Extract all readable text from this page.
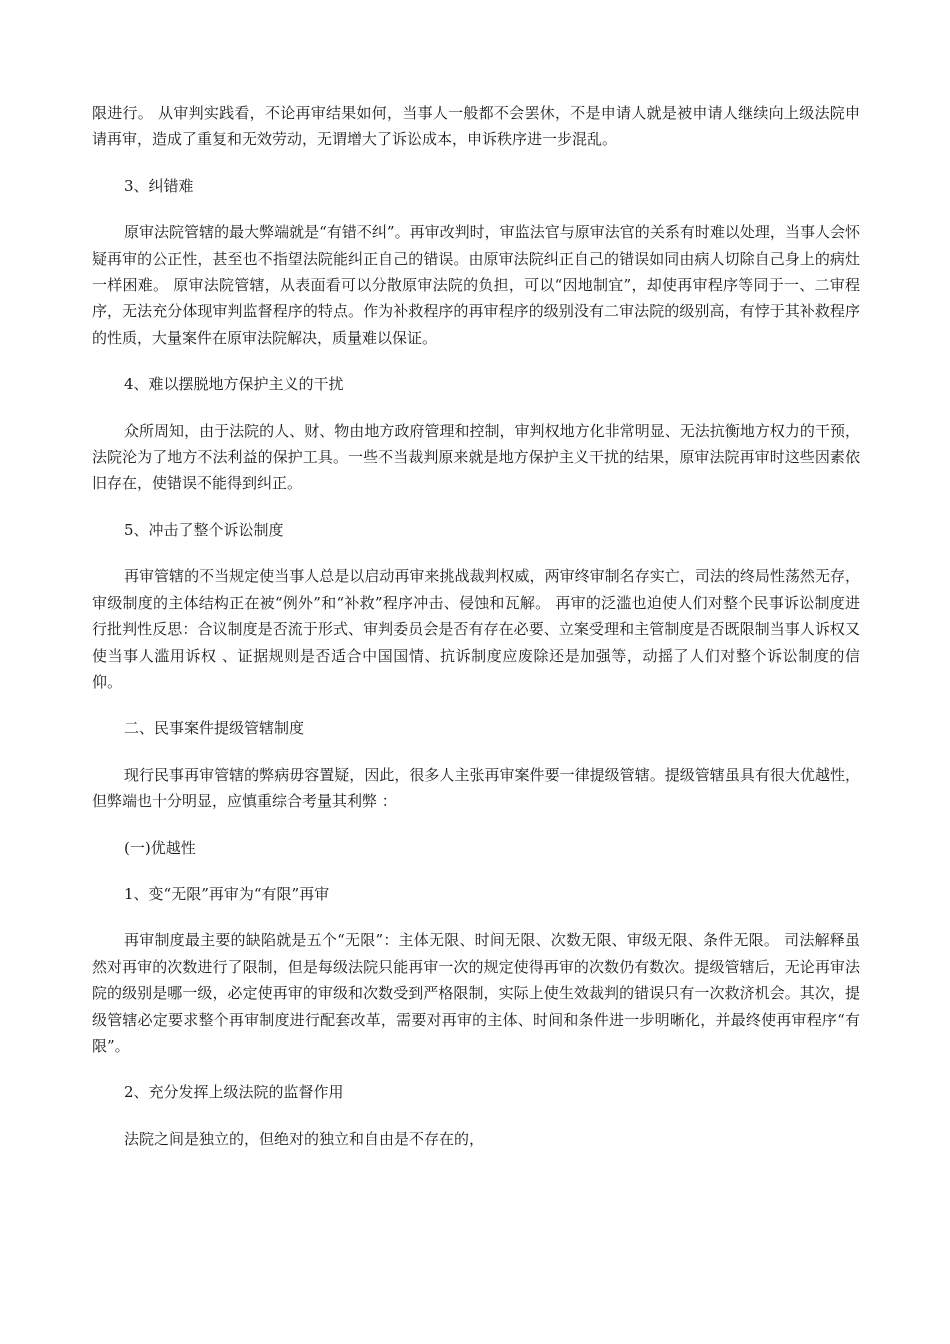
限进行。 从审判实践看，不论再审结果如何，当事人一般都不会罢休，不是申请人就是被申请人继续向上级法院申请再审，造成了重复和无效劳动，无谓增大了诉讼成本，申诉秩序进一步混乱。

3、纠错难

原审法院管辖的最大弊端就是“有错不纠”。再审改判时，审监法官与原审法官的关系有时难以处理，当事人会怀疑再审的公正性，甚至也不指望法院能纠正自己的错误。由原审法院纠正自己的错误如同由病人切除自己身上的病灶一样困难。 原审法院管辖，从表面看可以分散原审法院的负担，可以“因地制宜”，却使再审程序等同于一、二审程序，无法充分体现审判监督程序的特点。作为补救程序的再审程序的级别没有二审法院的级别高，有悖于其补救程序的性质，大量案件在原审法院解决，质量难以保证。

4、难以摆脱地方保护主义的干扰

众所周知，由于法院的人、财、物由地方政府管理和控制，审判权地方化非常明显、无法抗衡地方权力的干预，法院沦为了地方不法利益的保护工具。一些不当裁判原来就是地方保护主义干扰的结果，原审法院再审时这些因素依旧存在，使错误不能得到纠正。

5、冲击了整个诉讼制度

再审管辖的不当规定使当事人总是以启动再审来挑战裁判权威，两审终审制名存实亡，司法的终局性荡然无存，审级制度的主体结构正在被“例外”和“补救”程序冲击、侵蚀和瓦解。 再审的泛滥也迫使人们对整个民事诉讼制度进行批判性反思：合议制度是否流于形式、审判委员会是否有存在必要、立案受理和主管制度是否既限制当事人诉权又使当事人滥用诉权 、证据规则是否适合中国国情、抗诉制度应废除还是加强等，动摇了人们对整个诉讼制度的信仰。

二、民事案件提级管辖制度

现行民事再审管辖的弊病毋容置疑，因此，很多人主张再审案件要一律提级管辖。提级管辖虽具有很大优越性，但弊端也十分明显，应慎重综合考量其利弊 ：

(一)优越性

1、变“无限”再审为“有限”再审

再审制度最主要的缺陷就是五个“无限”：主体无限、时间无限、次数无限、审级无限、条件无限。 司法解释虽然对再审的次数进行了限制，但是每级法院只能再审一次的规定使得再审的次数仍有数次。提级管辖后，无论再审法院的级别是哪一级，必定使再审的审级和次数受到严格限制，实际上使生效裁判的错误只有一次救济机会。其次，提级管辖必定要求整个再审制度进行配套改革，需要对再审的主体、时间和条件进一步明晰化，并最终使再审程序“有限”。

2、充分发挥上级法院的监督作用

法院之间是独立的，但绝对的独立和自由是不存在的，
